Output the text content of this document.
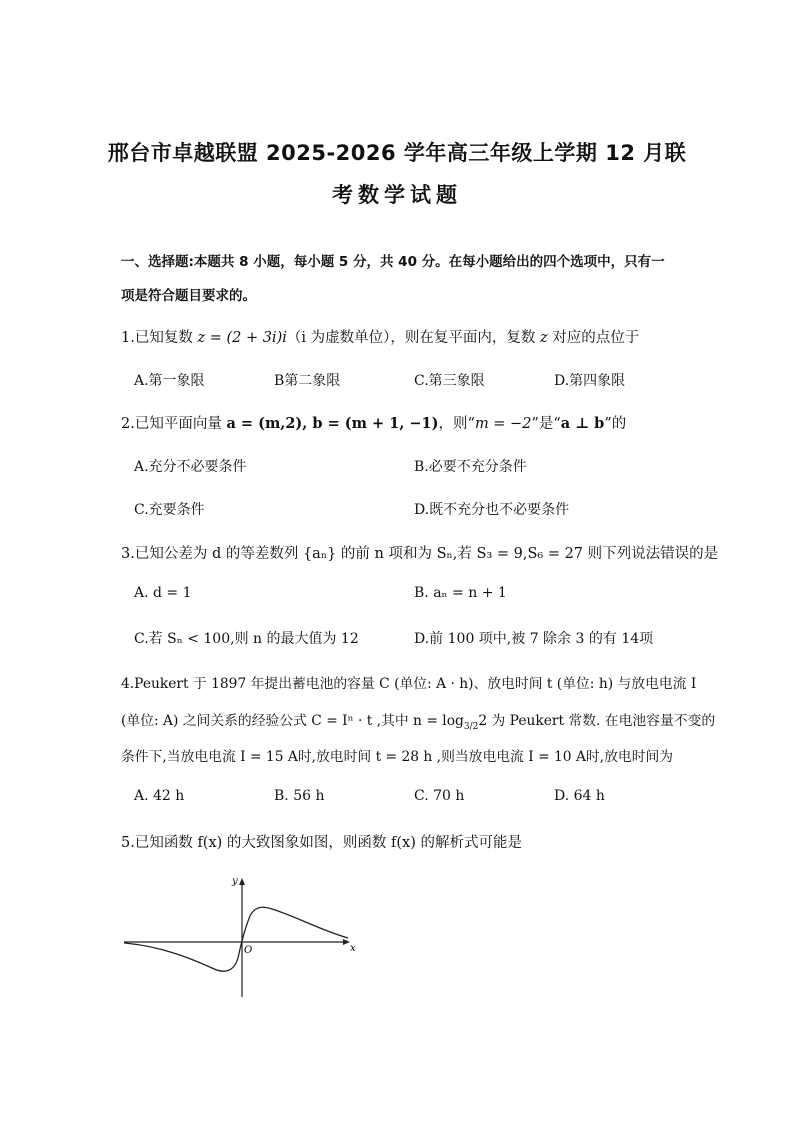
邢台市卓越联盟 2025-2026 学年高三年级上学期 12 月联
考数学试题
一、选择题:本题共 8 小题，每小题 5 分，共 40 分。在每小题给出的四个选项中，只有一
项是符合题目要求的。
1.已知复数 z = (2 + 3i)i（i 为虚数单位），则在复平面内，复数 z 对应的点位于
A.第一象限	B第二象限	C.第三象限	D.第四象限
2.已知平面向量 a = (m,2), b = (m + 1, −1)，则“m = −2”是“a ⊥ b”的
A.充分不必要条件	B.必要不充分条件
C.充要条件	D.既不充分也不必要条件
3.已知公差为 d 的等差数列 {aₙ} 的前 n 项和为 Sₙ,若 S₃ = 9,S₆ = 27 则下列说法错误的是
A. d = 1	B. aₙ = n + 1
C.若 Sₙ < 100,则 n 的最大值为 12	D.前 100 项中,被 7 除余 3 的有 14项
4.Peukert 于 1897 年提出蓄电池的容量 C (单位: A · h)、放电时间 t (单位: h) 与放电电流 I
(单位: A) 之间关系的经验公式 C = Iⁿ · t ,其中 $n = \log_{3/2}2$ 为 Peukert 常数. 在电池容量不变的
条件下,当放电电流 I = 15 A时,放电时间 t = 28 h ,则当放电电流 I = 10 A时,放电时间为
A. 42 h	B. 56 h	C. 70 h	D. 64 h
5.已知函数 f(x) 的大致图象如图，则函数 f(x) 的解析式可能是
y
x
O
